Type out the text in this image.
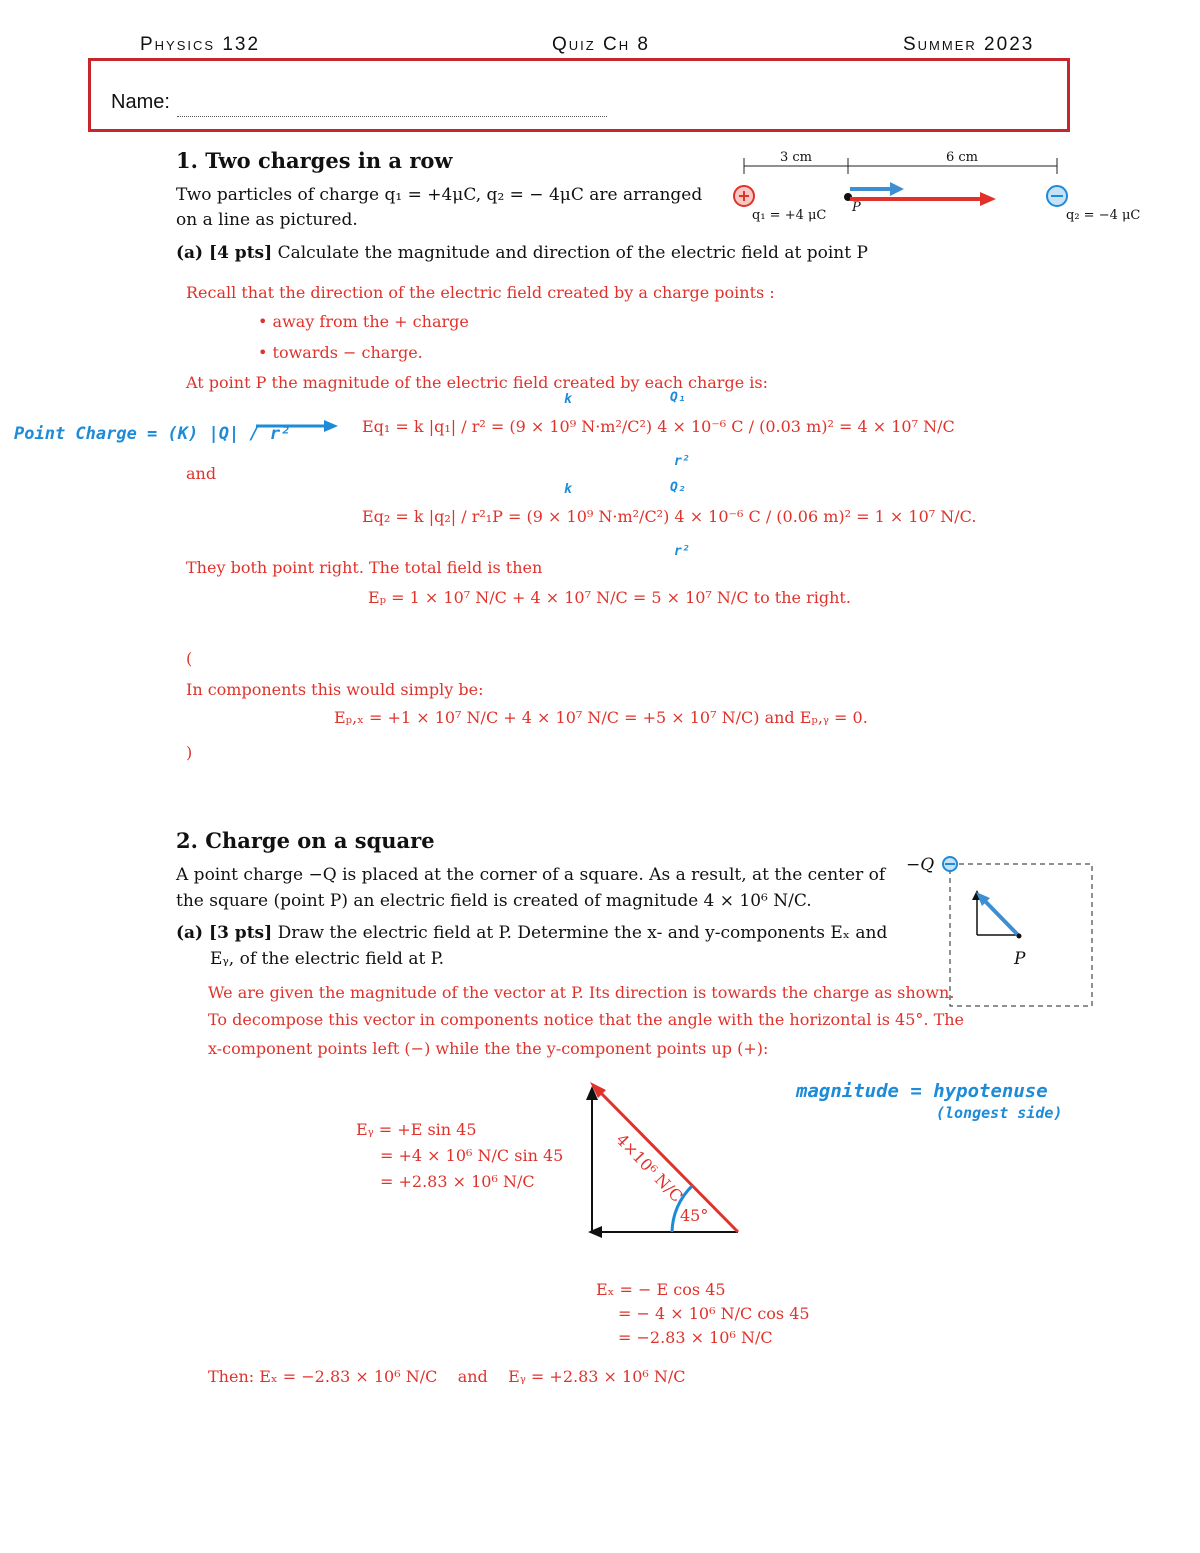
Physics 132	Quiz Ch 8	Summer 2023
Name:
1. Two charges in a row
Two particles of charge q₁ = +4μC, q₂ = − 4μC are arranged
on a line as pictured.
(a) [4 pts] Calculate the magnitude and direction of the electric field at point P
3 cm	6 cm
q₁ = +4 μC
P
q₂ = −4 μC
Recall that the direction of the electric field created by a charge points :
• away from the + charge
• towards − charge.
At point P the magnitude of the electric field created by each charge is:
Point Charge = (K) |Q| / r²
k	Q₁
r²
Eq₁ = k |q₁| / r² = (9 × 10⁹ N·m²/C²) 4 × 10⁻⁶ C / (0.03 m)² = 4 × 10⁷ N/C
and
k	Q₂
r²
Eq₂ = k |q₂| / r²₁P = (9 × 10⁹ N·m²/C²) 4 × 10⁻⁶ C / (0.06 m)² = 1 × 10⁷ N/C.
They both point right. The total field is then
Eₚ = 1 × 10⁷ N/C + 4 × 10⁷ N/C = 5 × 10⁷ N/C to the right.
(
In components this would simply be:
Eₚ,ₓ = +1 × 10⁷ N/C + 4 × 10⁷ N/C = +5 × 10⁷ N/C) and Eₚ,ᵧ = 0.
)
2. Charge on a square
A point charge −Q is placed at the corner of a square. As a result, at the center of
the square (point P) an electric field is created of magnitude 4 × 10⁶ N/C.
(a) [3 pts] Draw the electric field at P. Determine the x- and y-components Eₓ and
Eᵧ, of the electric field at P.
−Q
P
We are given the magnitude of the vector at P. Its direction is towards the charge as shown.
To decompose this vector in components notice that the angle with the horizontal is 45°. The
x-component points left (−) while the the y-component points up (+):
magnitude = hypotenuse
(longest side)
Eᵧ = +E sin 45
= +4 × 10⁶ N/C sin 45
= +2.83 × 10⁶ N/C	4×10⁶ N/C
45°
Eₓ = − E cos 45
= − 4 × 10⁶ N/C cos 45
= −2.83 × 10⁶ N/C
Then: Eₓ = −2.83 × 10⁶ N/C    and    Eᵧ = +2.83 × 10⁶ N/C
